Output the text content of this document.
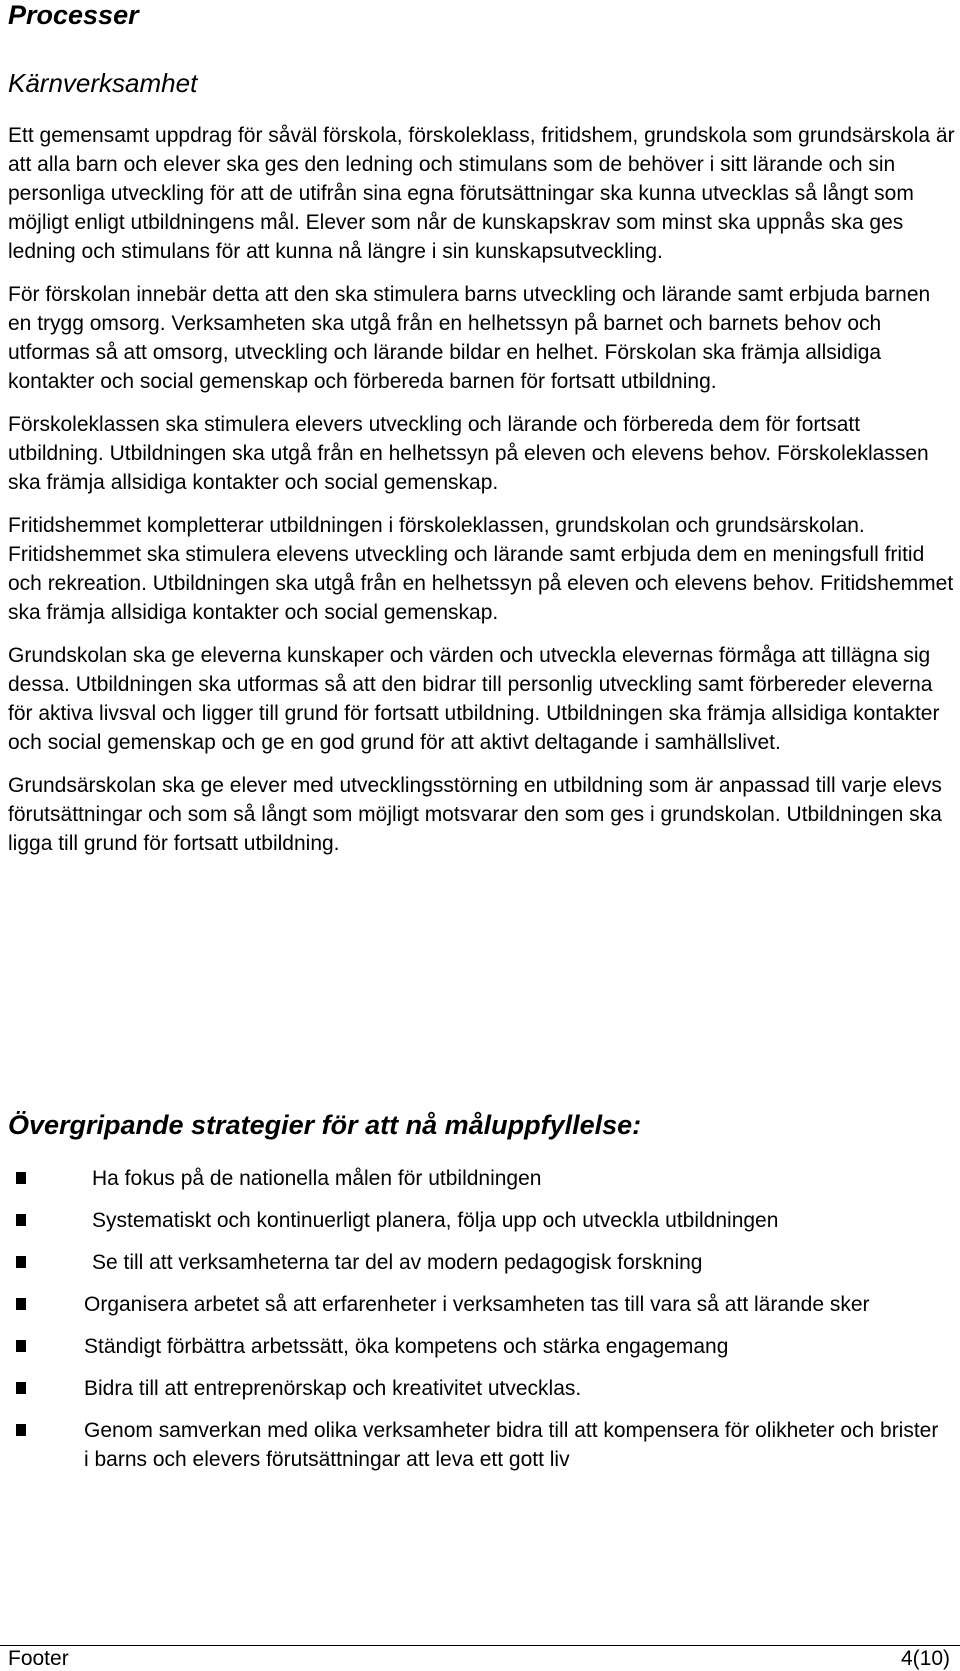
Processer
Kärnverksamhet

Ett gemensamt uppdrag för såväl förskola, förskoleklass, fritidshem, grundskola som grundsärskola är att alla barn och elever ska ges den ledning och stimulans som de behöver i sitt lärande och sin personliga utveckling för att de utifrån sina egna förutsättningar ska kunna utvecklas så långt som möjligt enligt utbildningens mål. Elever som når de kunskapskrav som minst ska uppnås ska ges ledning och stimulans för att kunna nå längre i sin kunskapsutveckling.

För förskolan innebär detta att den ska stimulera barns utveckling och lärande samt erbjuda barnen en trygg omsorg. Verksamheten ska utgå från en helhetssyn på barnet och barnets behov och utformas så att omsorg, utveckling och lärande bildar en helhet. Förskolan ska främja allsidiga kontakter och social gemenskap och förbereda barnen för fortsatt utbildning.

Förskoleklassen ska stimulera elevers utveckling och lärande och förbereda dem för fortsatt utbildning. Utbildningen ska utgå från en helhetssyn på eleven och elevens behov. Förskoleklassen ska främja allsidiga kontakter och social gemenskap.

Fritidshemmet kompletterar utbildningen i förskoleklassen, grundskolan och grundsärskolan. Fritidshemmet ska stimulera elevens utveckling och lärande samt erbjuda dem en meningsfull fritid och rekreation. Utbildningen ska utgå från en helhetssyn på eleven och elevens behov. Fritidshemmet ska främja allsidiga kontakter och social gemenskap.

Grundskolan ska ge eleverna kunskaper och värden och utveckla elevernas förmåga att tillägna sig dessa. Utbildningen ska utformas så att den bidrar till personlig utveckling samt förbereder eleverna för aktiva livsval och ligger till grund för fortsatt utbildning. Utbildningen ska främja allsidiga kontakter och social gemenskap och ge en god grund för att aktivt deltagande i samhällslivet.

Grundsärskolan ska ge elever med utvecklingsstörning en utbildning som är anpassad till varje elevs förutsättningar och som så långt som möjligt motsvarar den som ges i grundskolan. Utbildningen ska ligga till grund för fortsatt utbildning.

Övergripande strategier för att nå måluppfyllelse:
Ha fokus på de nationella målen för utbildningen
Systematiskt och kontinuerligt planera, följa upp och utveckla utbildningen
Se till att verksamheterna tar del av modern pedagogisk forskning
Organisera arbetet så att erfarenheter i verksamheten tas till vara så att lärande sker
Ständigt förbättra arbetssätt, öka kompetens och stärka engagemang
Bidra till att entreprenörskap och kreativitet utvecklas.
Genom samverkan med olika verksamheter bidra till att kompensera för olikheter och brister i barns och elevers förutsättningar att leva ett gott liv
Footer	4(10)
